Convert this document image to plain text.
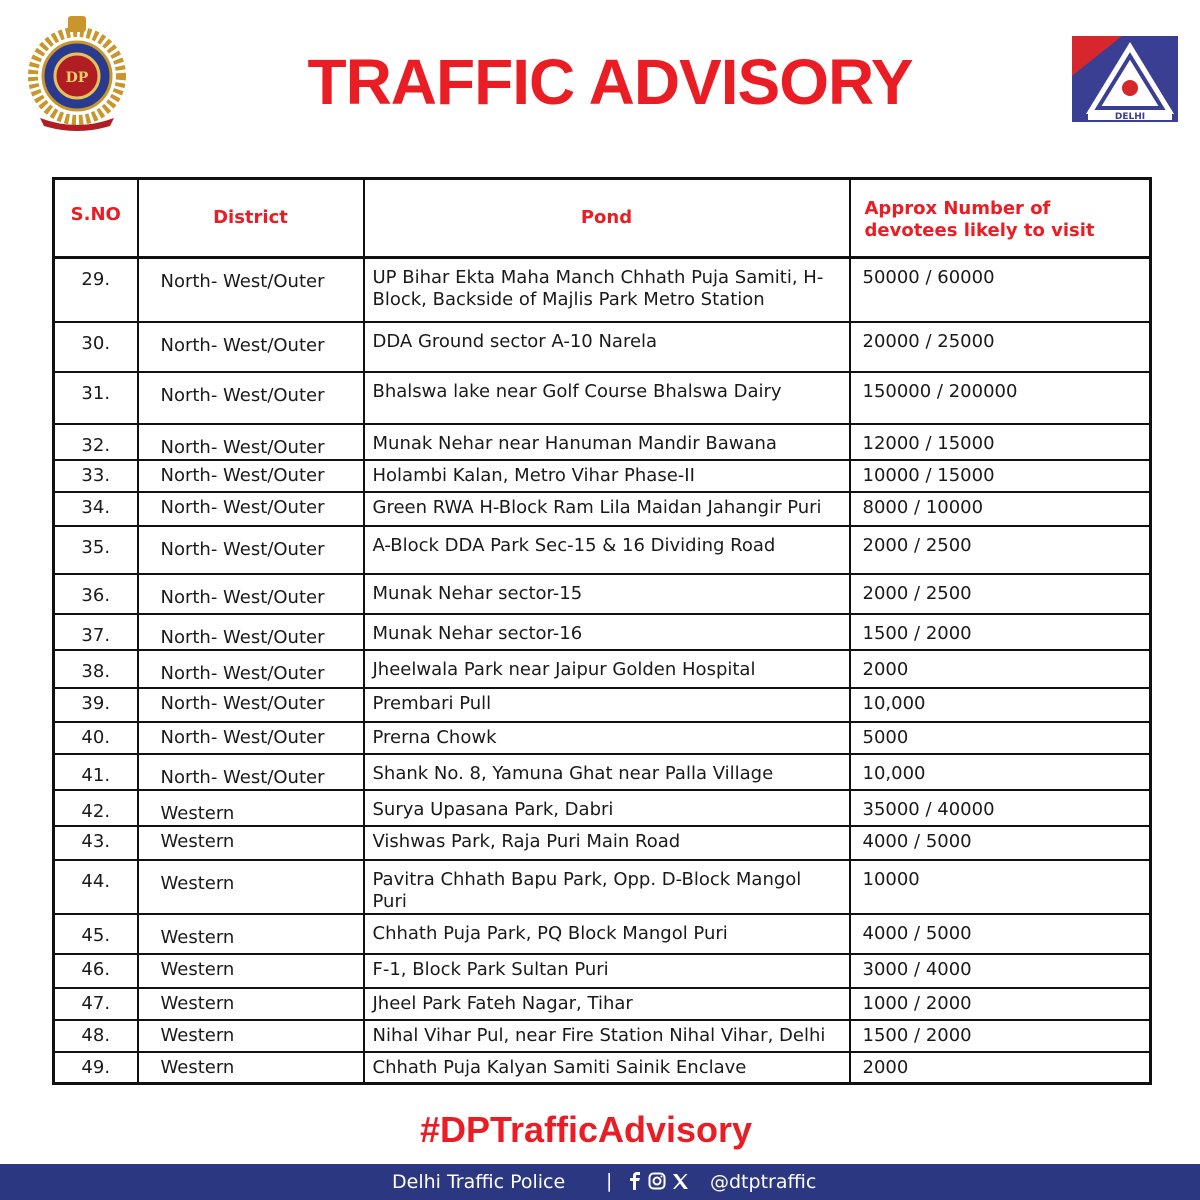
DP	TRAFFIC ADVISORY	DELHI
S.NO	District	Pond	Approx Number of
devotees likely to visit

29.	North- West/Outer	UP Bihar Ekta Maha Manch Chhath Puja Samiti, H-Block, Backside of Majlis Park Metro Station	50000 / 60000
30.	North- West/Outer	DDA Ground sector A-10 Narela	20000 / 25000
31.	North- West/Outer	Bhalswa lake near Golf Course Bhalswa Dairy	150000 / 200000
32.	North- West/Outer	Munak Nehar near Hanuman Mandir Bawana	12000 / 15000
33.	North- West/Outer	Holambi Kalan, Metro Vihar Phase-II	10000 / 15000
34.	North- West/Outer	Green RWA H-Block Ram Lila Maidan Jahangir Puri	8000 / 10000
35.	North- West/Outer	A-Block DDA Park Sec-15 & 16 Dividing Road	2000 / 2500
36.	North- West/Outer	Munak Nehar sector-15	2000 / 2500
37.	North- West/Outer	Munak Nehar sector-16	1500 / 2000
38.	North- West/Outer	Jheelwala Park near Jaipur Golden Hospital	2000
39.	North- West/Outer	Prembari Pull	10,000
40.	North- West/Outer	Prerna Chowk	5000
41.	North- West/Outer	Shank No. 8, Yamuna Ghat near Palla Village	10,000
42.	Western	Surya Upasana Park, Dabri	35000 / 40000
43.	Western	Vishwas Park, Raja Puri Main Road	4000 / 5000
44.	Western	Pavitra Chhath Bapu Park, Opp. D-Block Mangol Puri	10000
45.	Western	Chhath Puja Park, PQ Block Mangol Puri	4000 / 5000
46.	Western	F-1, Block Park Sultan Puri	3000 / 4000
47.	Western	Jheel Park Fateh Nagar, Tihar	1000 / 2000
48.	Western	Nihal Vihar Pul, near Fire Station Nihal Vihar, Delhi	1500 / 2000
49.	Western	Chhath Puja Kalyan Samiti Sainik Enclave	2000
#DPTrafficAdvisory
Delhi Traffic Police |	@dtptraffic
